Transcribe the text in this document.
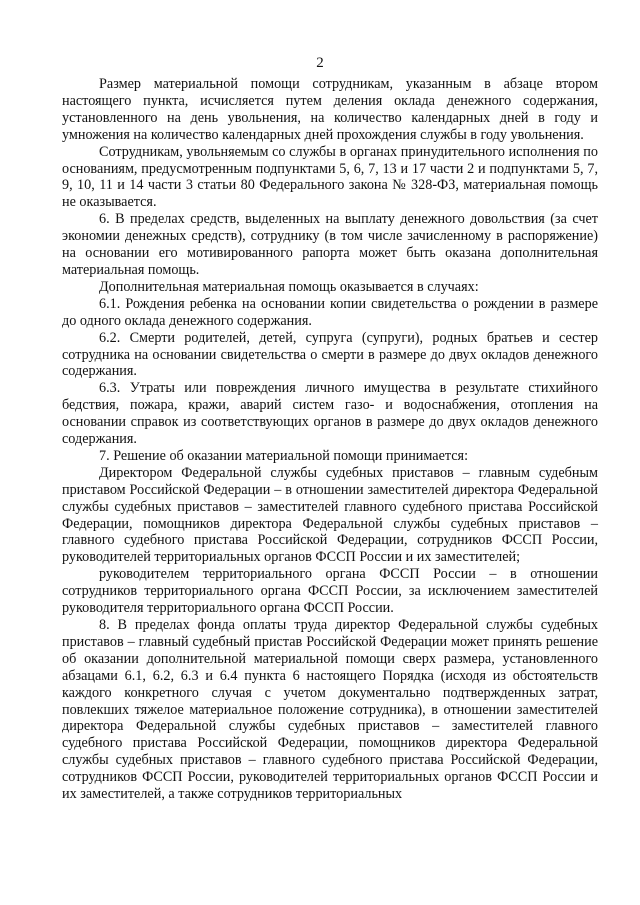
2

Размер материальной помощи сотрудникам, указанным в абзаце втором настоящего пункта, исчисляется путем деления оклада денежного содержания, установленного на день увольнения, на количество календарных дней в году и умножения на количество календарных дней прохождения службы в году увольнения.

Сотрудникам, увольняемым со службы в органах принудительного исполнения по основаниям, предусмотренным подпунктами 5, 6, 7, 13 и 17 части 2 и подпунктами 5, 7, 9, 10, 11 и 14 части 3 статьи 80 Федерального закона № 328-ФЗ, материальная помощь не оказывается.

6. В пределах средств, выделенных на выплату денежного довольствия (за счет экономии денежных средств), сотруднику (в том числе зачисленному в распоряжение) на основании его мотивированного рапорта может быть оказана дополнительная материальная помощь.

Дополнительная материальная помощь оказывается в случаях:

6.1. Рождения ребенка на основании копии свидетельства о рождении в размере до одного оклада денежного содержания.

6.2. Смерти родителей, детей, супруга (супруги), родных братьев и сестер сотрудника на основании свидетельства о смерти в размере до двух окладов денежного содержания.

6.3. Утраты или повреждения личного имущества в результате стихийного бедствия, пожара, кражи, аварий систем газо- и водоснабжения, отопления на основании справок из соответствующих органов в размере до двух окладов денежного содержания.

7. Решение об оказании материальной помощи принимается:

Директором Федеральной службы судебных приставов – главным судебным приставом Российской Федерации – в отношении заместителей директора Федеральной службы судебных приставов – заместителей главного судебного пристава Российской Федерации, помощников директора Федеральной службы судебных приставов – главного судебного пристава Российской Федерации, сотрудников ФССП России, руководителей территориальных органов ФССП России и их заместителей;

руководителем территориального органа ФССП России – в отношении сотрудников территориального органа ФССП России, за исключением заместителей руководителя территориального органа ФССП России.

8. В пределах фонда оплаты труда директор Федеральной службы судебных приставов – главный судебный пристав Российской Федерации может принять решение об оказании дополнительной материальной помощи сверх размера, установленного абзацами 6.1, 6.2, 6.3 и 6.4 пункта 6 настоящего Порядка (исходя из обстоятельств каждого конкретного случая с учетом документально подтвержденных затрат, повлекших тяжелое материальное положение сотрудника), в отношении заместителей директора Федеральной службы судебных приставов – заместителей главного судебного пристава Российской Федерации, помощников директора Федеральной службы судебных приставов – главного судебного пристава Российской Федерации, сотрудников ФССП России, руководителей территориальных органов ФССП России и их заместителей, а также сотрудников территориальных
